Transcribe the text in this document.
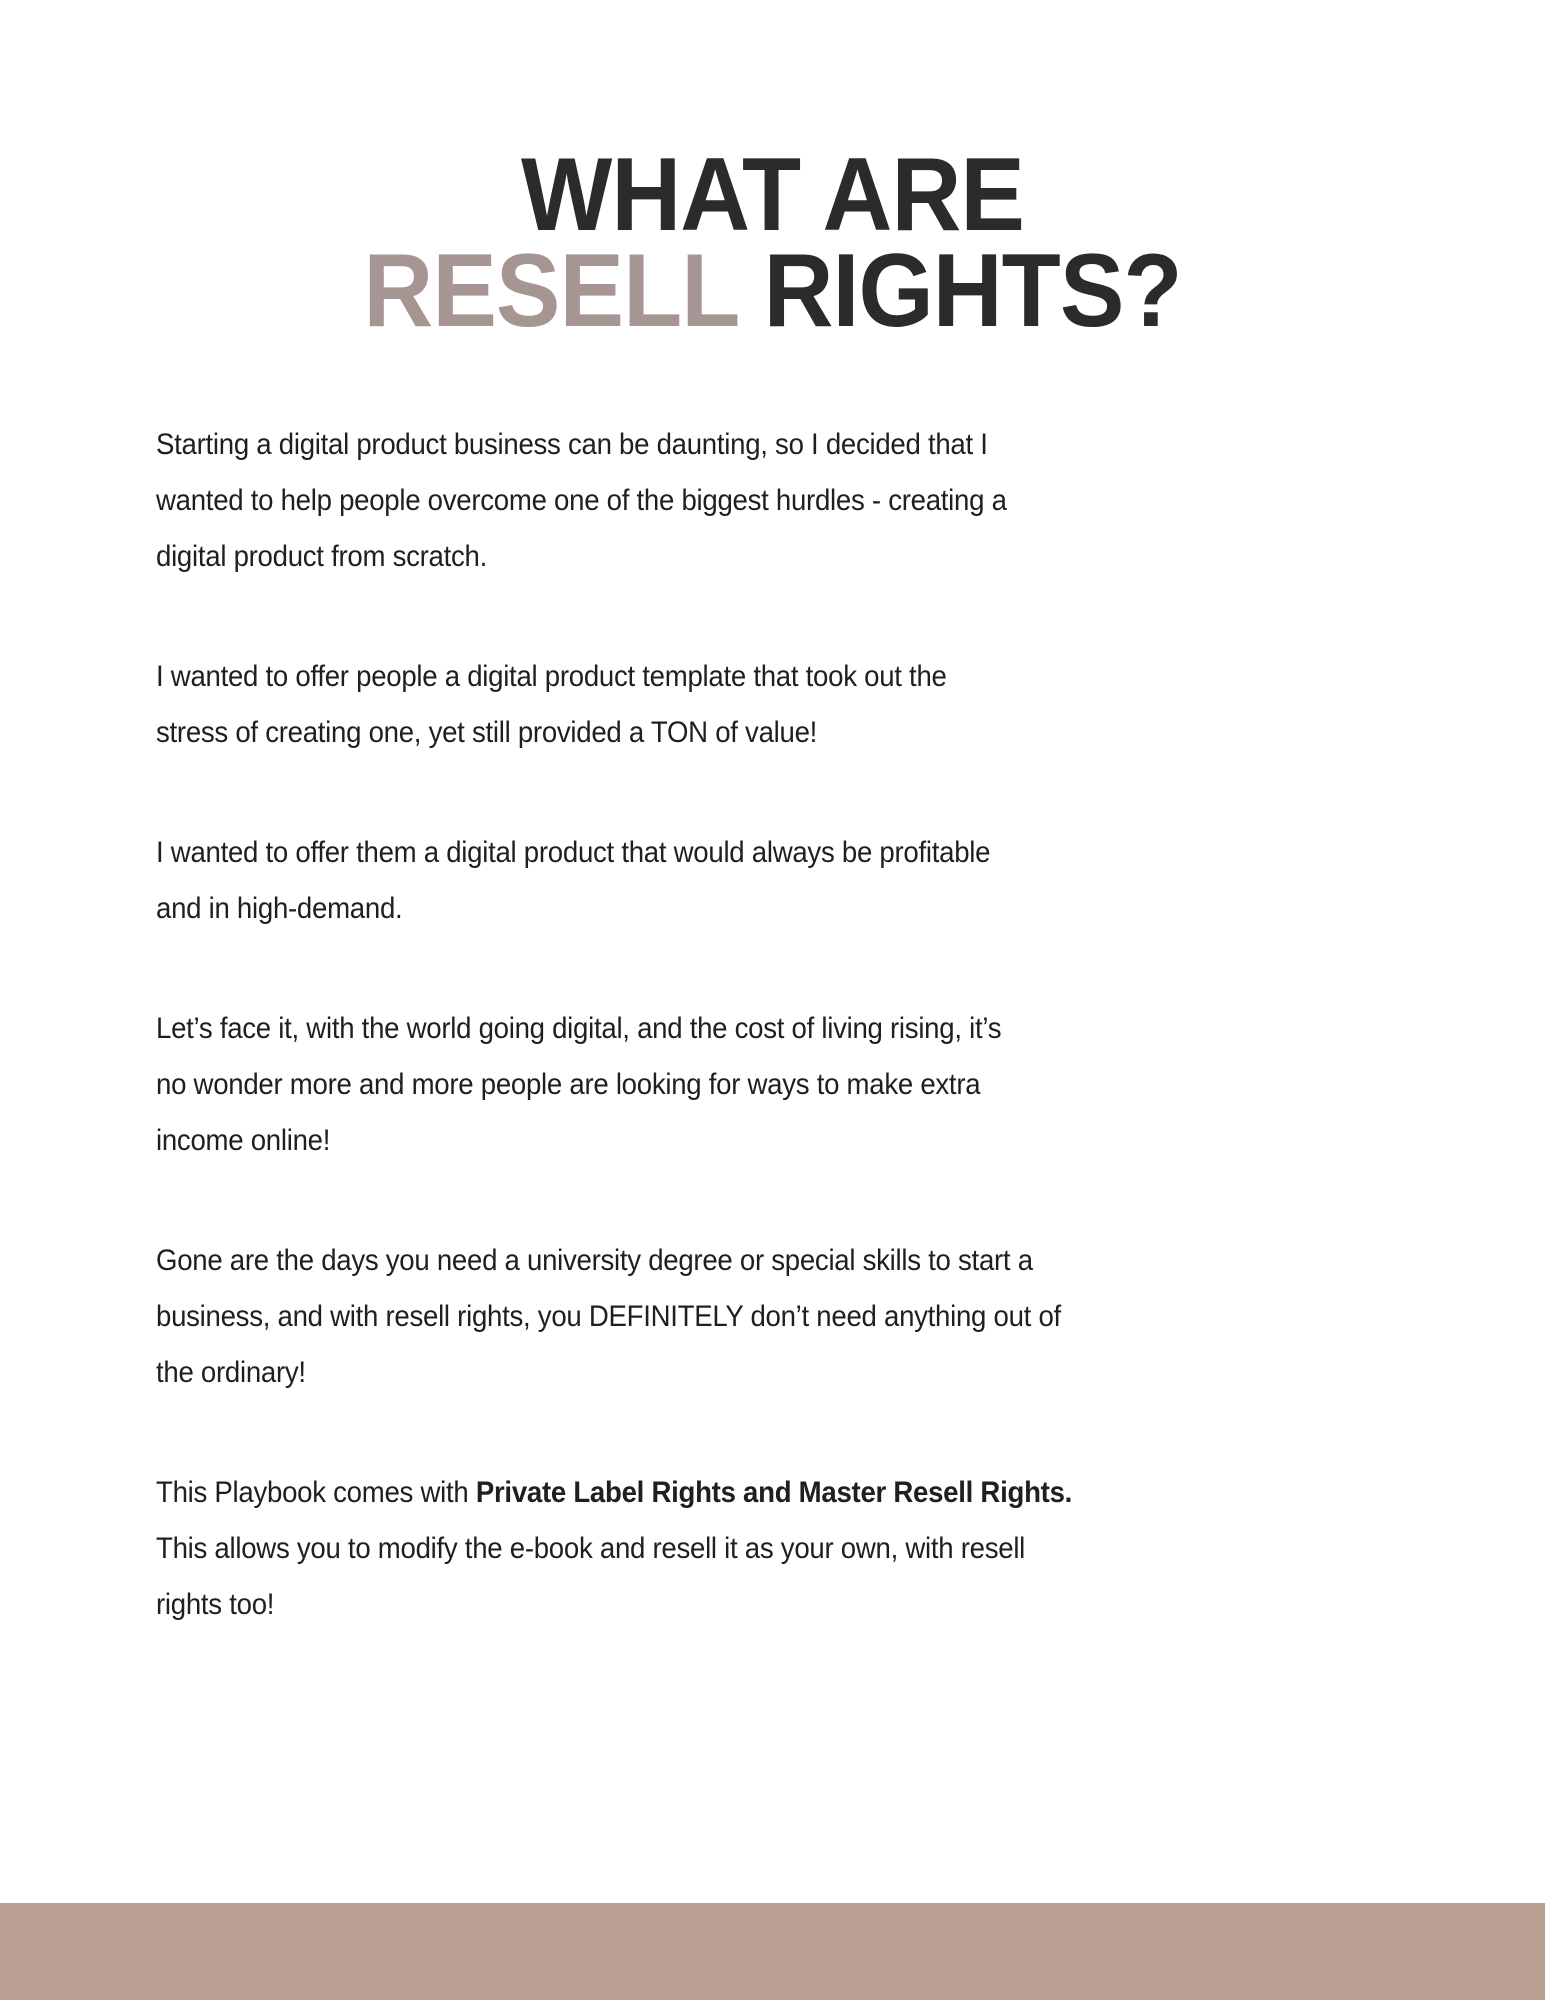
WHAT ARE
RESELL RIGHTS?
Starting a digital product business can be daunting, so I decided that I
wanted to help people overcome one of the biggest hurdles - creating a
digital product from scratch.
I wanted to offer people a digital product template that took out the
stress of creating one, yet still provided a TON of value!
I wanted to offer them a digital product that would always be profitable
and in high-demand.
Let’s face it, with the world going digital, and the cost of living rising, it’s
no wonder more and more people are looking for ways to make extra
income online!
Gone are the days you need a university degree or special skills to start a
business, and with resell rights, you DEFINITELY don’t need anything out of
the ordinary!
This Playbook comes with Private Label Rights and Master Resell Rights.
This allows you to modify the e-book and resell it as your own, with resell
rights too!
